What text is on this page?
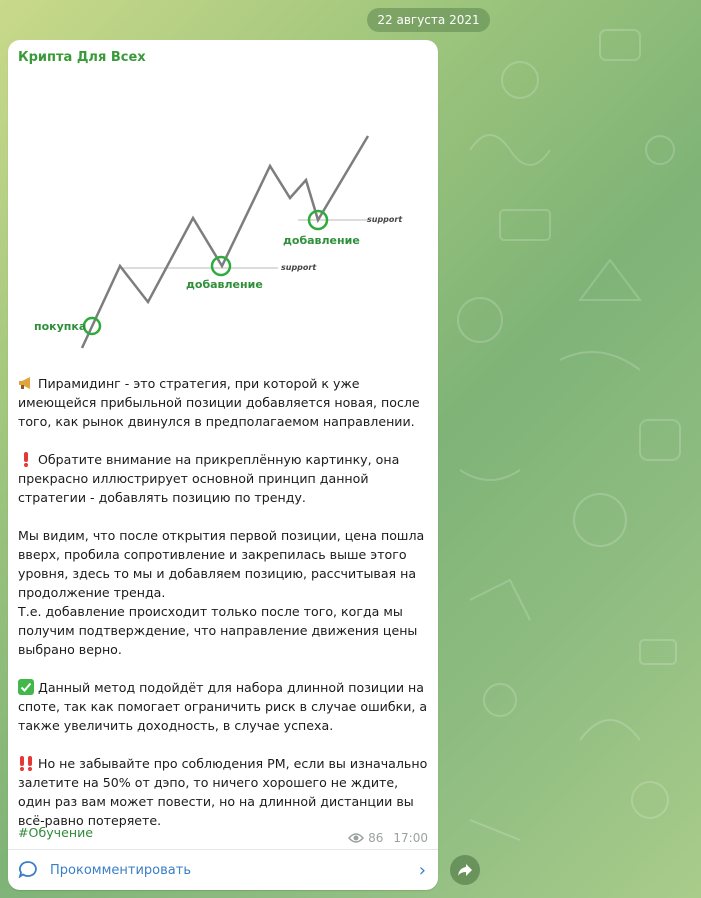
22 августа 2021
Крипта Для Всех
покупка
добавление
добавление
support
support

Пирамидинг - это стратегия, при которой к уже имеющейся прибыльной позиции добавляется новая, после того, как рынок двинулся в предполагаемом направлении.

Обратите внимание на прикреплённую картинку, она прекрасно иллюстрирует основной принцип данной стратегии - добавлять позицию по тренду.

Мы видим, что после открытия первой позиции, цена пошла вверх, пробила сопротивление и закрепилась выше этого уровня, здесь то мы и добавляем позицию, рассчитывая на продолжение тренда.

Т.е. добавление происходит только после того, когда мы получим подтверждение, что направление движения цены выбрано верно.

Данный метод подойдёт для набора длинной позиции на споте, так как помогает ограничить риск в случае ошибки, а также увеличить доходность, в случае успеха.

Но не забывайте про соблюдения РМ, если вы изначально залетите на 50% от дэпо, то ничего хорошего не ждите, один раз вам может повести, но на длинной дистанции вы всё-равно потеряете.

#Обучение	86 17:00
Прокомментировать	›
